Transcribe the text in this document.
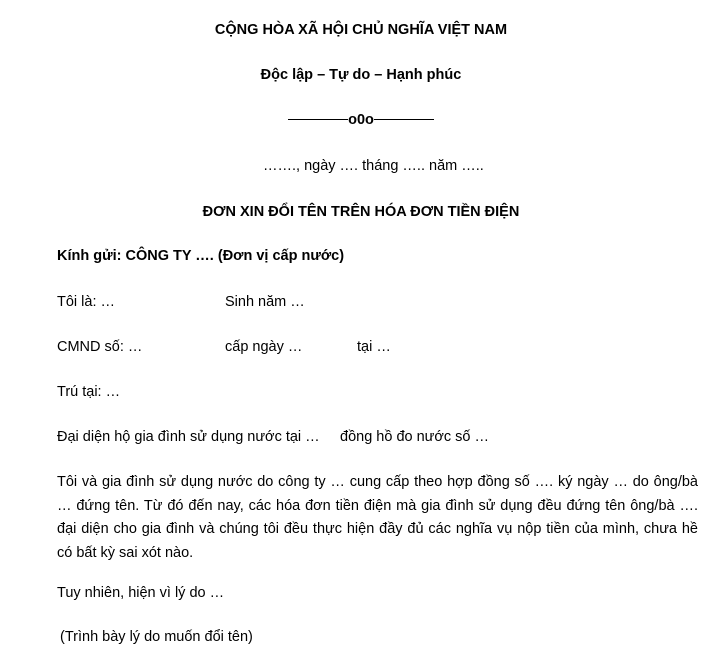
CỘNG HÒA XÃ HỘI CHỦ NGHĨA VIỆT NAM
Độc lập – Tự do – Hạnh phúc
o0o
……., ngày …. tháng ….. năm …..
ĐƠN XIN ĐỔI TÊN TRÊN HÓA ĐƠN TIỀN ĐIỆN
Kính gửi: CÔNG TY …. (Đơn vị cấp nước)
Tôi là: …	Sinh năm …
CMND số: …	cấp ngày …	tại …
Trú tại: …
Đại diện hộ gia đình sử dụng nước tại … đồng hồ đo nước số …
Tôi và gia đình sử dụng nước do công ty … cung cấp theo hợp đồng số …. ký ngày … do ông/bà … đứng tên. Từ đó đến nay, các hóa đơn tiền điện mà gia đình sử dụng đều đứng tên ông/bà …. đại diện cho gia đình và chúng tôi đều thực hiện đầy đủ các nghĩa vụ nộp tiền của mình, chưa hề có bất kỳ sai xót nào.
Tuy nhiên, hiện vì lý do …
(Trình bày lý do muốn đổi tên)
